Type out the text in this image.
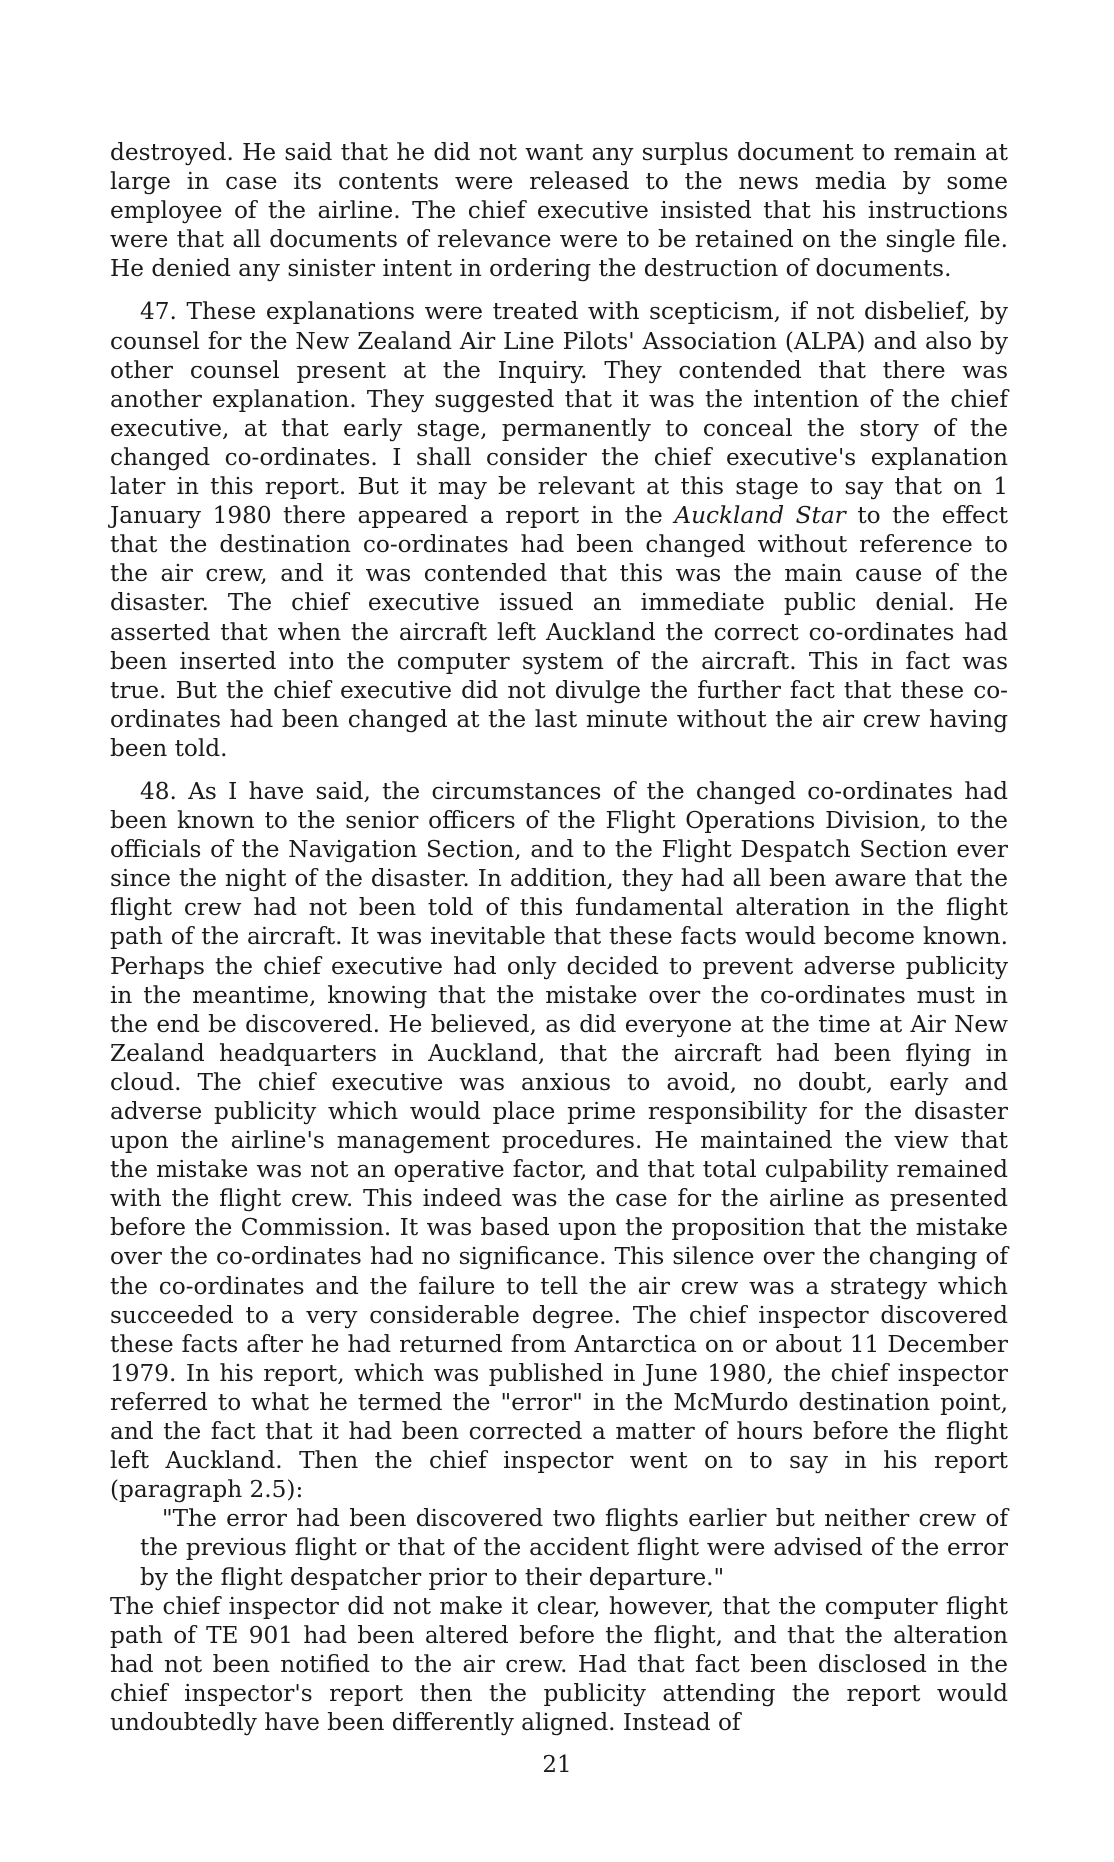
destroyed. He said that he did not want any surplus document to remain at large in case its contents were released to the news media by some employee of the airline. The chief executive insisted that his instructions were that all documents of relevance were to be retained on the single file. He denied any sinister intent in ordering the destruction of documents.

47. These explanations were treated with scepticism, if not disbelief, by counsel for the New Zealand Air Line Pilots' Association (ALPA) and also by other counsel present at the Inquiry. They contended that there was another explanation. They suggested that it was the intention of the chief executive, at that early stage, permanently to conceal the story of the changed co-ordinates. I shall consider the chief executive's explanation later in this report. But it may be relevant at this stage to say that on 1 January 1980 there appeared a report in the Auckland Star to the effect that the destination co-ordinates had been changed without reference to the air crew, and it was contended that this was the main cause of the disaster. The chief executive issued an immediate public denial. He asserted that when the aircraft left Auckland the correct co-ordinates had been inserted into the computer system of the aircraft. This in fact was true. But the chief executive did not divulge the further fact that these co-ordinates had been changed at the last minute without the air crew having been told.

48. As I have said, the circumstances of the changed co-ordinates had been known to the senior officers of the Flight Operations Division, to the officials of the Navigation Section, and to the Flight Despatch Section ever since the night of the disaster. In addition, they had all been aware that the flight crew had not been told of this fundamental alteration in the flight path of the aircraft. It was inevitable that these facts would become known. Perhaps the chief executive had only decided to prevent adverse publicity in the meantime, knowing that the mistake over the co-ordinates must in the end be discovered. He believed, as did everyone at the time at Air New Zealand headquarters in Auckland, that the aircraft had been flying in cloud. The chief executive was anxious to avoid, no doubt, early and adverse publicity which would place prime responsibility for the disaster upon the airline's management procedures. He maintained the view that the mistake was not an operative factor, and that total culpability remained with the flight crew. This indeed was the case for the airline as presented before the Commission. It was based upon the proposition that the mistake over the co-ordinates had no significance. This silence over the changing of the co-ordinates and the failure to tell the air crew was a strategy which succeeded to a very considerable degree. The chief inspector discovered these facts after he had returned from Antarctica on or about 11 December 1979. In his report, which was published in June 1980, the chief inspector referred to what he termed the "error" in the McMurdo destination point, and the fact that it had been corrected a matter of hours before the flight left Auckland. Then the chief inspector went on to say in his report (paragraph 2.5):

"The error had been discovered two flights earlier but neither crew of the previous flight or that of the accident flight were advised of the error by the flight despatcher prior to their departure."

The chief inspector did not make it clear, however, that the computer flight path of TE 901 had been altered before the flight, and that the alteration had not been notified to the air crew. Had that fact been disclosed in the chief inspector's report then the publicity attending the report would undoubtedly have been differently aligned. Instead of

21
